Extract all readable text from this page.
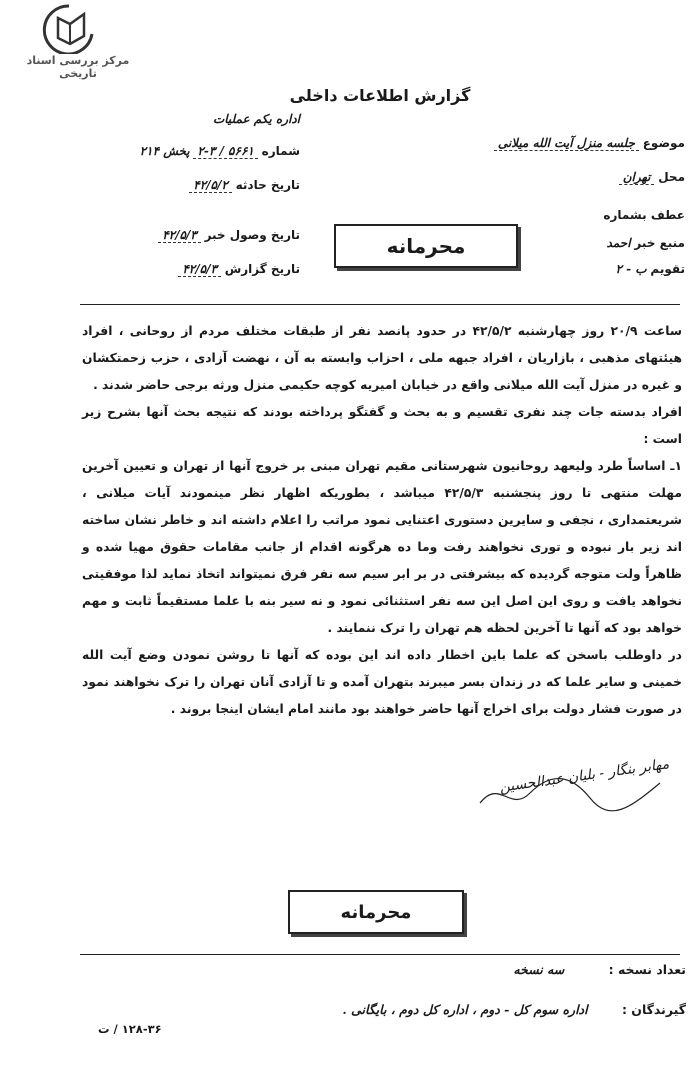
مرکز بررسی اسناد تاریخی
گزارش اطلاعات داخلی
اداره یکم عملیات
شماره ۵۶۶۱ / ۳-۲ پخش ۲۱۴
تاریخ حادثه ۴۲/۵/۲
تاریخ وصول خبر ۴۲/۵/۳
تاریخ گزارش ۴۲/۵/۳
موضوع جلسه منزل آیت الله میلانی
محل تهران
عطف بشماره
منبع خبر احمد
تقویم ب - ۲
محرمانه

ساعت ۲۰/۹ روز چهارشنبه ۴۲/۵/۲ در حدود پانصد نفر از طبقات مختلف مردم از روحانی ، افراد هیئتهای مذهبی ، بازاریان ، افراد جبهه ملی ، احزاب وابسته به آن ، نهضت آزادی ، حزب زحمتکشان و غیره در منزل آیت الله میلانی واقع در خیابان امیریه کوچه حکیمی منزل ورثه برجی حاضر شدند .

افراد بدسته جات چند نفری تقسیم و به بحث و گفتگو پرداخته بودند که نتیجه بحث آنها بشرح زیر است :

۱ـ اساساً طرد ولیعهد روحانیون شهرستانی مقیم تهران مبنی بر خروج آنها از تهران و تعیین آخرین مهلت منتهی تا روز پنجشنبه ۴۲/۵/۳ میباشد ، بطوریکه اظهار نظر مینمودند آیات میلانی ، شریعتمداری ، نجفی و سایرین دستوری اعتنایی نمود مراتب را اعلام داشته اند و خاطر نشان ساخته اند زیر بار نبوده و توری نخواهند رفت وما ده هرگونه اقدام از جانب مقامات حقوق مهیا شده و ظاهراً ولت متوجه گردیده که بیشرفتی در بر ابر سیم سه نفر فرق نمیتواند اتخاذ نماید لذا موفقیتی نخواهد یافت و روی این اصل این سه نفر استثنائی نمود و نه سیر بنه با علما مستقیماً ثابت و مهم خواهد بود که آنها تا آخرین لحظه هم تهران را ترک ننمایند .

در داوطلب باسخن که علما باین اخطار داده اند این بوده که آنها تا روشن نمودن وضع آیت الله خمینی و سایر علما که در زندان بسر میبرند بتهران آمده و تا آزادی آنان تهران را ترک نخواهند نمود در صورت فشار دولت برای اخراج آنها حاضر خواهند بود مانند امام ایشان اینجا بروند .

مهابر بنگار - بلیان عبدالحسین
محرمانه
تعداد نسخه : سه نسخه
گیرندگان : اداره سوم کل - دوم ، اداره کل دوم ، بایگانی .
۱۲۸-۳۶ / ت
